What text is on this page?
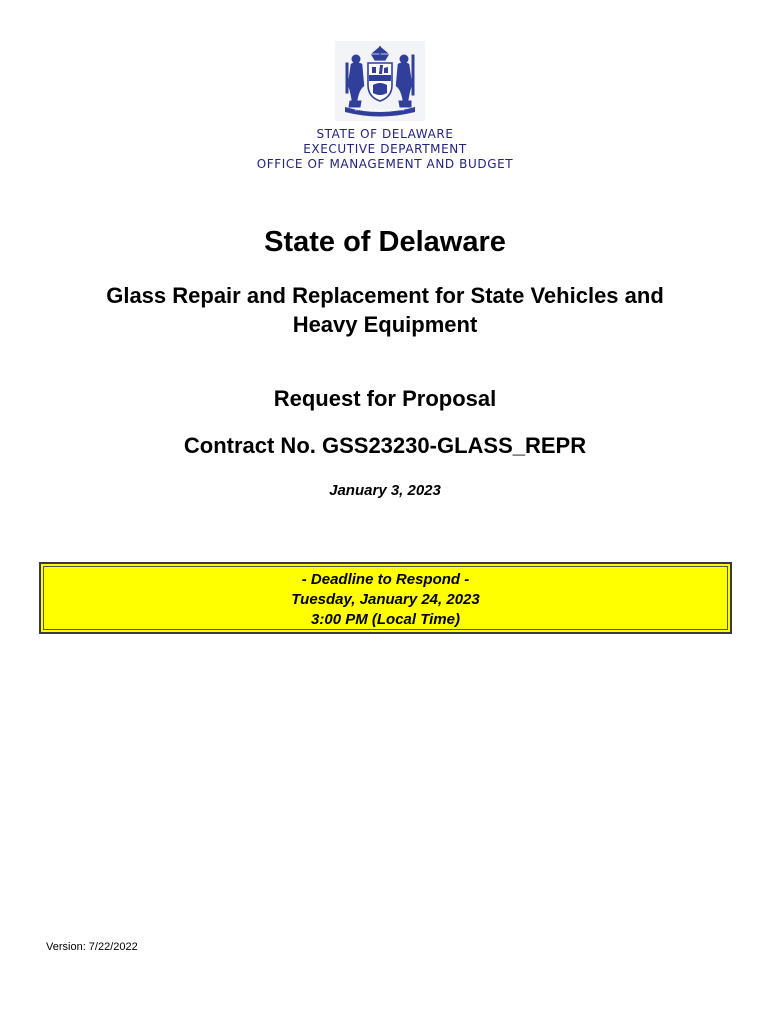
STATE OF DELAWARE
EXECUTIVE DEPARTMENT
OFFICE OF MANAGEMENT AND BUDGET
State of Delaware
Glass Repair and Replacement for State Vehicles and
Heavy Equipment
Request for Proposal
Contract No. GSS23230-GLASS_REPR
January 3, 2023
- Deadline to Respond -
Tuesday, January 24, 2023
3:00 PM (Local Time)
Version: 7/22/2022
